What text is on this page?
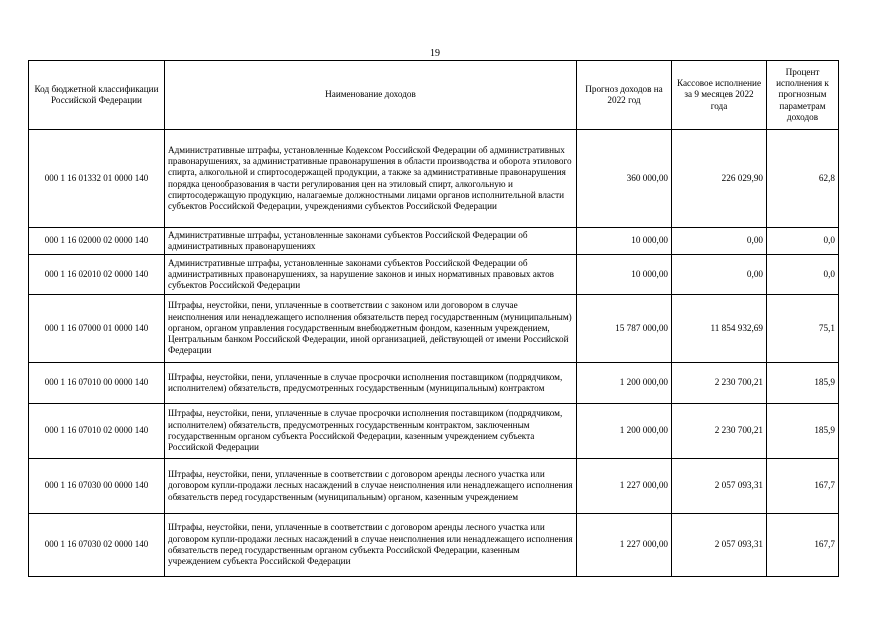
19
Код бюджетной классификации Российской Федерации	Наименование доходов	Прогноз доходов на 2022 год	Кассовое исполнение за 9 месяцев 2022 года	Процент исполнения к прогнозным параметрам доходов
000 1 16 01332 01 0000 140	Административные штрафы, установленные Кодексом Российской Федерации об административных правонарушениях, за административные правонарушения в области производства и оборота этилового спирта, алкогольной и спиртосодержащей продукции, а также за административные правонарушения порядка ценообразования в части регулирования цен на этиловый спирт, алкогольную и спиртосодержащую продукцию, налагаемые должностными лицами органов исполнительной власти субъектов Российской Федерации, учреждениями субъектов Российской Федерации	360 000,00	226 029,90	62,8
000 1 16 02000 02 0000 140	Административные штрафы, установленные законами субъектов Российской Федерации об административных правонарушениях	10 000,00	0,00	0,0
000 1 16 02010 02 0000 140	Административные штрафы, установленные законами субъектов Российской Федерации об административных правонарушениях, за нарушение законов и иных нормативных правовых актов субъектов Российской Федерации	10 000,00	0,00	0,0
000 1 16 07000 01 0000 140	Штрафы, неустойки, пени, уплаченные в соответствии с законом или договором в случае неисполнения или ненадлежащего исполнения обязательств перед государственным (муниципальным) органом, органом управления государственным внебюджетным фондом, казенным учреждением, Центральным банком Российской Федерации, иной организацией, действующей от имени Российской Федерации	15 787 000,00	11 854 932,69	75,1
000 1 16 07010 00 0000 140	Штрафы, неустойки, пени, уплаченные в случае просрочки исполнения поставщиком (подрядчиком, исполнителем) обязательств, предусмотренных государственным (муниципальным) контрактом	1 200 000,00	2 230 700,21	185,9
000 1 16 07010 02 0000 140	Штрафы, неустойки, пени, уплаченные в случае просрочки исполнения поставщиком (подрядчиком, исполнителем) обязательств, предусмотренных государственным контрактом, заключенным государственным органом субъекта Российской Федерации, казенным учреждением субъекта Российской Федерации	1 200 000,00	2 230 700,21	185,9
000 1 16 07030 00 0000 140	Штрафы, неустойки, пени, уплаченные в соответствии с договором аренды лесного участка или договором купли-продажи лесных насаждений в случае неисполнения или ненадлежащего исполнения обязательств перед государственным (муниципальным) органом, казенным учреждением	1 227 000,00	2 057 093,31	167,7
000 1 16 07030 02 0000 140	Штрафы, неустойки, пени, уплаченные в соответствии с договором аренды лесного участка или договором купли-продажи лесных насаждений в случае неисполнения или ненадлежащего исполнения обязательств перед государственным органом субъекта Российской Федерации, казенным учреждением субъекта Российской Федерации	1 227 000,00	2 057 093,31	167,7
